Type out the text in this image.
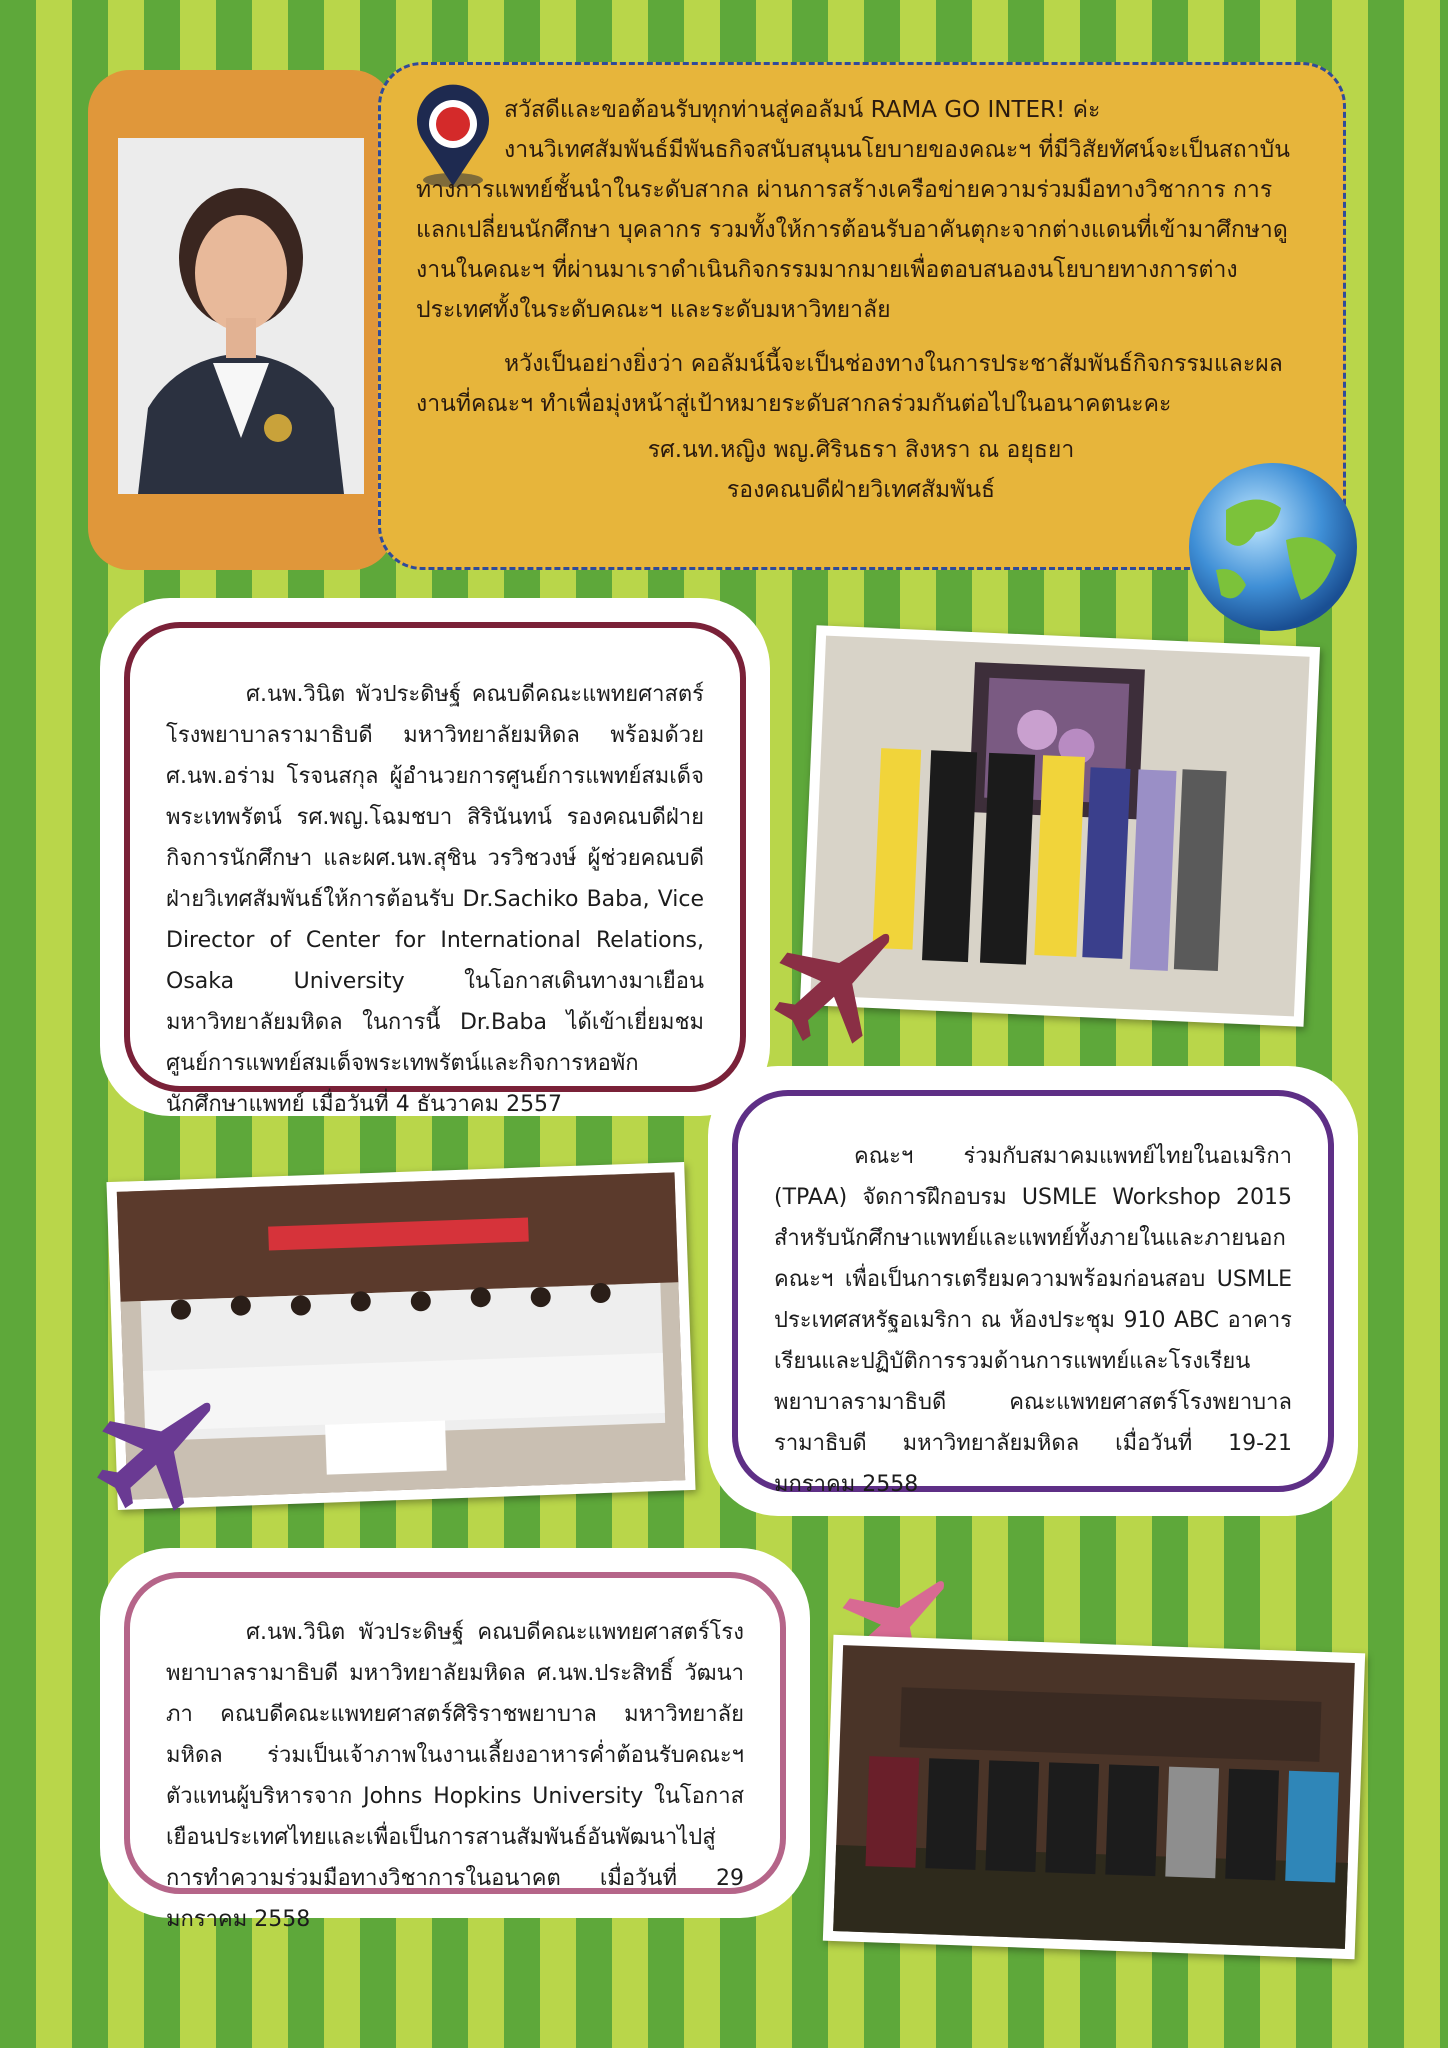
สวัสดีและขอต้อนรับทุกท่านสู่คอลัมน์ RAMA GO INTER! ค่ะ

งานวิเทศสัมพันธ์มีพันธกิจสนับสนุนนโยบายของคณะฯ ที่มีวิสัยทัศน์จะเป็นสถาบันทางการแพทย์ชั้นนำในระดับสากล ผ่านการสร้างเครือข่ายความร่วมมือทางวิชาการ การแลกเปลี่ยนนักศึกษา บุคลากร รวมทั้งให้การต้อนรับอาคันตุกะจากต่างแดนที่เข้ามาศึกษาดูงานในคณะฯ ที่ผ่านมาเราดำเนินกิจกรรมมากมายเพื่อตอบสนองนโยบายทางการต่างประเทศทั้งในระดับคณะฯ และระดับมหาวิทยาลัย

หวังเป็นอย่างยิ่งว่า คอลัมน์นี้จะเป็นช่องทางในการประชาสัมพันธ์กิจกรรมและผลงานที่คณะฯ ทำเพื่อมุ่งหน้าสู่เป้าหมายระดับสากลร่วมกันต่อไปในอนาคตนะคะ

รศ.นท.หญิง พญ.ศิรินธรา สิงหรา ณ อยุธยา

รองคณบดีฝ่ายวิเทศสัมพันธ์

ศ.นพ.วินิต พัวประดิษฐ์ คณบดีคณะแพทยศาสตร์โรงพยาบาลรามาธิบดี มหาวิทยาลัยมหิดล พร้อมด้วย ศ.นพ.อร่าม โรจนสกุล ผู้อำนวยการศูนย์การแพทย์สมเด็จพระเทพรัตน์ รศ.พญ.โฉมชบา สิรินันทน์ รองคณบดีฝ่ายกิจการนักศึกษา และผศ.นพ.สุชิน วรวิชวงษ์ ผู้ช่วยคณบดีฝ่ายวิเทศสัมพันธ์ให้การต้อนรับ Dr.Sachiko Baba, Vice Director of Center for International Relations, Osaka University ในโอกาสเดินทางมาเยือนมหาวิทยาลัยมหิดล ในการนี้ Dr.Baba ได้เข้าเยี่ยมชมศูนย์การแพทย์สมเด็จพระเทพรัตน์และกิจการหอพักนักศึกษาแพทย์ เมื่อวันที่ 4 ธันวาคม 2557

คณะฯ ร่วมกับสมาคมแพทย์ไทยในอเมริกา (TPAA) จัดการฝึกอบรม USMLE Workshop 2015 สำหรับนักศึกษาแพทย์และแพทย์ทั้งภายในและภายนอกคณะฯ เพื่อเป็นการเตรียมความพร้อมก่อนสอบ USMLE ประเทศสหรัฐอเมริกา ณ ห้องประชุม 910 ABC อาคารเรียนและปฏิบัติการรวมด้านการแพทย์และโรงเรียนพยาบาลรามาธิบดี คณะแพทยศาสตร์โรงพยาบาลรามาธิบดี มหาวิทยาลัยมหิดล เมื่อวันที่ 19-21 มกราคม 2558

ศ.นพ.วินิต พัวประดิษฐ์ คณบดีคณะแพทยศาสตร์โรงพยาบาลรามาธิบดี มหาวิทยาลัยมหิดล ศ.นพ.ประสิทธิ์ วัฒนาภา คณบดีคณะแพทยศาสตร์ศิริราชพยาบาล มหาวิทยาลัยมหิดล ร่วมเป็นเจ้าภาพในงานเลี้ยงอาหารค่ำต้อนรับคณะฯ ตัวแทนผู้บริหารจาก Johns Hopkins University ในโอกาสเยือนประเทศไทยและเพื่อเป็นการสานสัมพันธ์อันพัฒนาไปสู่การทำความร่วมมือทางวิชาการในอนาคต เมื่อวันที่ 29 มกราคม 2558
